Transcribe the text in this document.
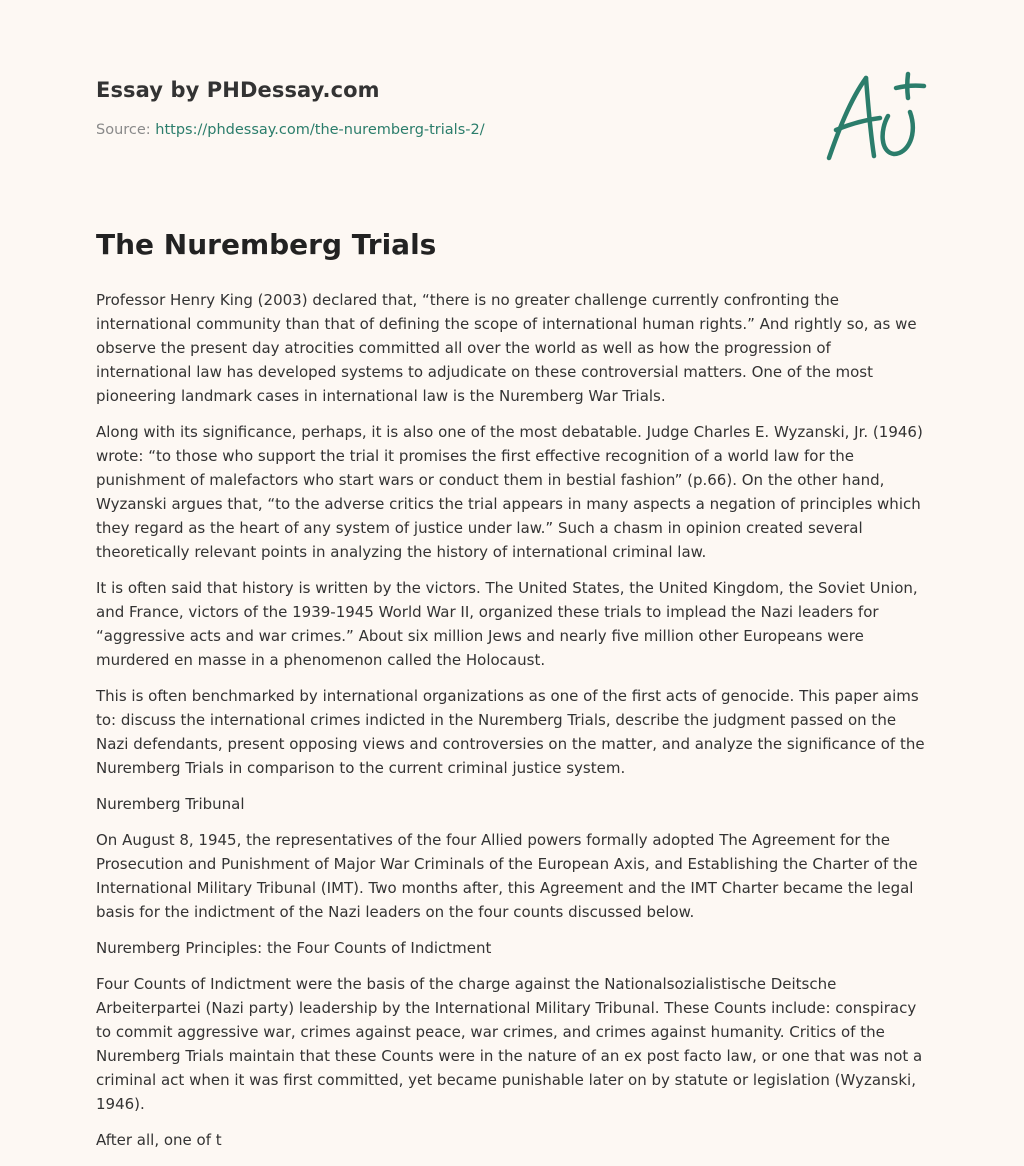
Essay by PHDessay.com
Source: https://phdessay.com/the-nuremberg-trials-2/
The Nuremberg Trials

Professor Henry King (2003) declared that, “there is no greater challenge currently confronting the international community than that of defining the scope of international human rights.” And rightly so, as we observe the present day atrocities committed all over the world as well as how the progression of international law has developed systems to adjudicate on these controversial matters. One of the most pioneering landmark cases in international law is the Nuremberg War Trials.

Along with its significance, perhaps, it is also one of the most debatable. Judge Charles E. Wyzanski, Jr. (1946) wrote: “to those who support the trial it promises the first effective recognition of a world law for the punishment of malefactors who start wars or conduct them in bestial fashion” (p.66). On the other hand, Wyzanski argues that, “to the adverse critics the trial appears in many aspects a negation of principles which they regard as the heart of any system of justice under law.” Such a chasm in opinion created several theoretically relevant points in analyzing the history of international criminal law.

It is often said that history is written by the victors. The United States, the United Kingdom, the Soviet Union, and France, victors of the 1939-1945 World War II, organized these trials to implead the Nazi leaders for “aggressive acts and war crimes.” About six million Jews and nearly five million other Europeans were murdered en masse in a phenomenon called the Holocaust.

This is often benchmarked by international organizations as one of the first acts of genocide. This paper aims to: discuss the international crimes indicted in the Nuremberg Trials, describe the judgment passed on the Nazi defendants, present opposing views and controversies on the matter, and analyze the significance of the Nuremberg Trials in comparison to the current criminal justice system.

Nuremberg Tribunal

On August 8, 1945, the representatives of the four Allied powers formally adopted The Agreement for the Prosecution and Punishment of Major War Criminals of the European Axis, and Establishing the Charter of the International Military Tribunal (IMT). Two months after, this Agreement and the IMT Charter became the legal basis for the indictment of the Nazi leaders on the four counts discussed below.

Nuremberg Principles: the Four Counts of Indictment

Four Counts of Indictment were the basis of the charge against the Nationalsozialistische Deitsche Arbeiterpartei (Nazi party) leadership by the International Military Tribunal. These Counts include: conspiracy to commit aggressive war, crimes against peace, war crimes, and crimes against humanity. Critics of the Nuremberg Trials maintain that these Counts were in the nature of an ex post facto law, or one that was not a criminal act when it was first committed, yet became punishable later on by statute or legislation (Wyzanski, 1946).

After all, one of t
